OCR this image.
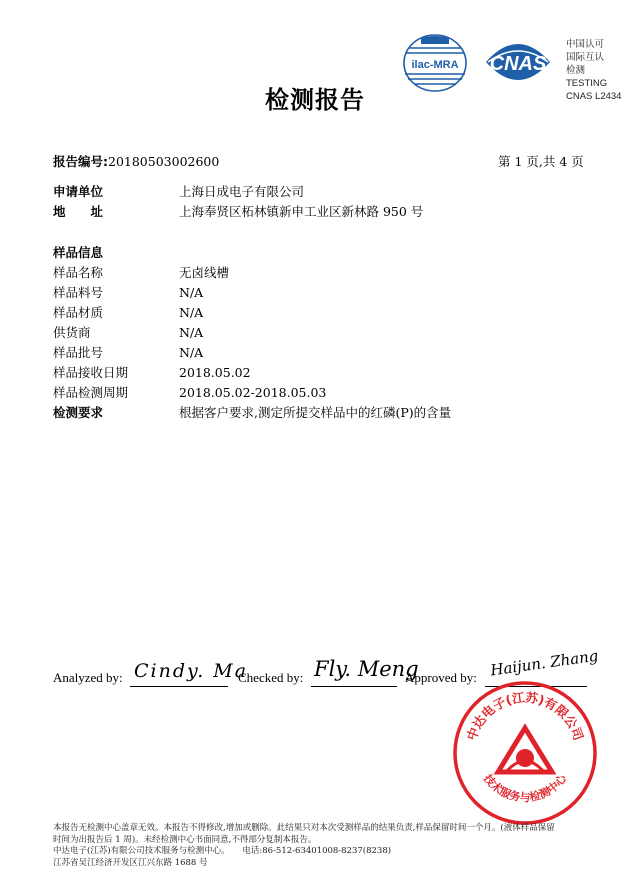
检测报告
ilac-MRA CNAS
中国认可
国际互认
检测
TESTING
CNAS L2434
报告编号:20180503002600	第 1 页,共 4 页
申请单位	上海日成电子有限公司
地　　址	上海奉贤区柘林镇新申工业区新林路 950 号
样品信息
样品名称	无卤线槽
样品料号	N/A
样品材质	N/A
供货商	N/A
样品批号	N/A
样品接收日期	2018.05.02
样品检测周期	2018.05.02-2018.05.03
检测要求	根据客户要求,测定所提交样品中的红磷(P)的含量
Analyzed by: Cindy. Ma
Checked by: Fly. Meng
Approved by: Haijun. Zhang
中达电子(江苏)有限公司
技术服务与检测中心
本报告无检测中心盖章无效。本报告不得修改,增加或删除。此结果只对本次受测样品的结果负责,样品保留时间一个月。(液体样品保留
时间为出报告后 1 周)。未经检测中心书面同意,不得部分复制本报告。
中达电子(江苏)有限公司技术服务与检测中心。　　电话:86-512-63401008-8237(8238)
江苏省吴江经济开发区江兴东路 1688 号
